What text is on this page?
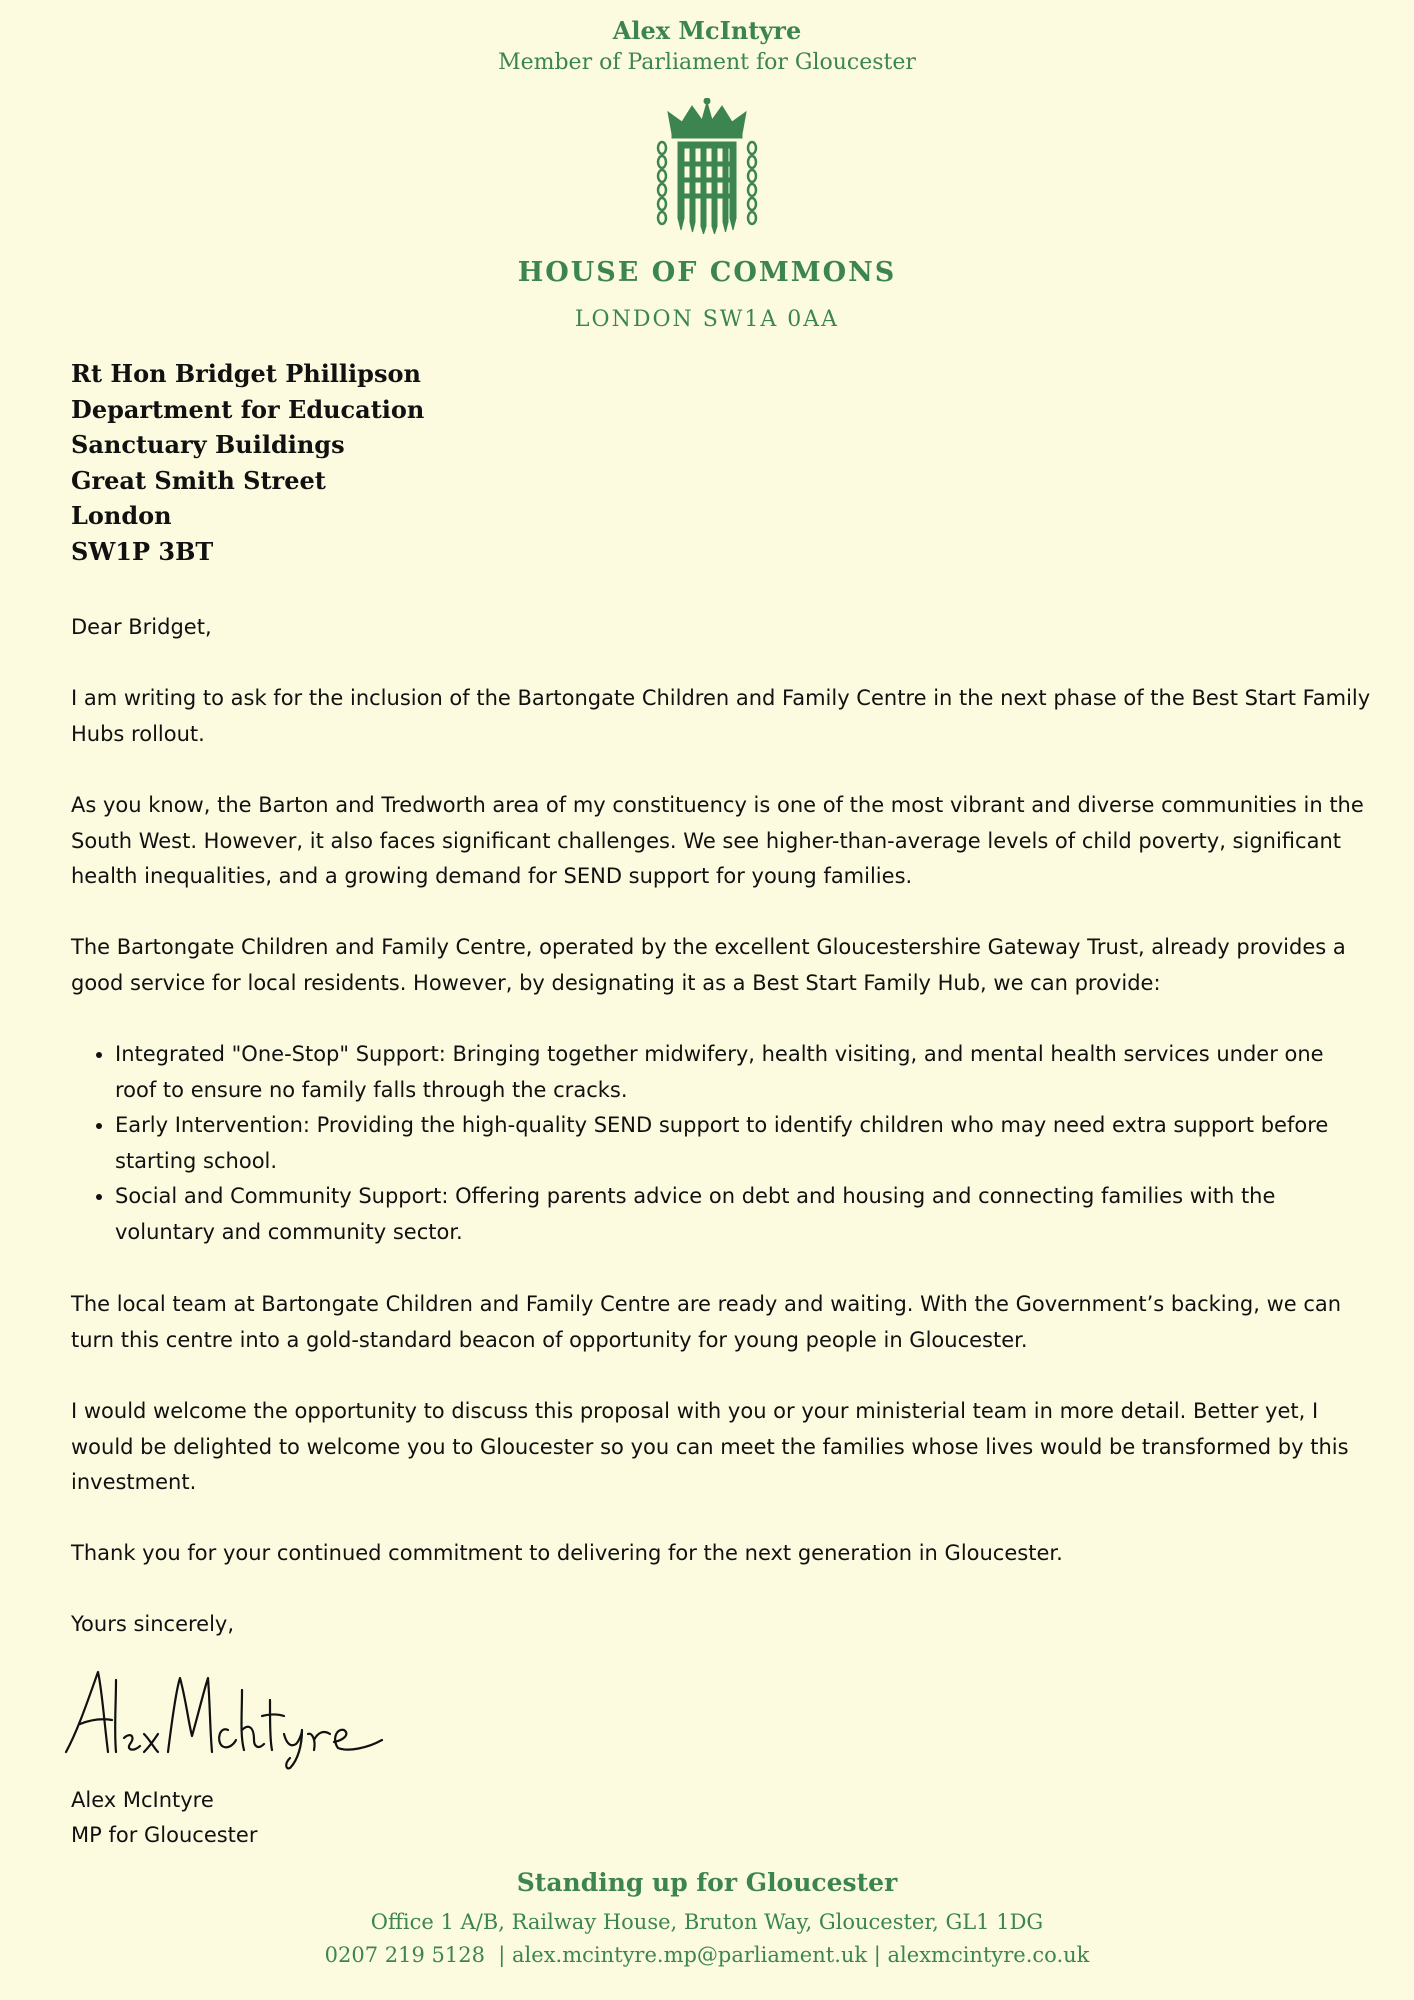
Alex McIntyre
Member of Parliament for Gloucester
HOUSE OF COMMONS
LONDON SW1A 0AA
Rt Hon Bridget Phillipson
Department for Education
Sanctuary Buildings
Great Smith Street
London
SW1P 3BT
Dear Bridget,

I am writing to ask for the inclusion of the Bartongate Children and Family Centre in the next phase of the Best Start Family Hubs rollout.

As you know, the Barton and Tredworth area of my constituency is one of the most vibrant and diverse communities in the South West. However, it also faces significant challenges. We see higher-than-average levels of child poverty, significant health inequalities, and a growing demand for SEND support for young families.

The Bartongate Children and Family Centre, operated by the excellent Gloucestershire Gateway Trust, already provides a good service for local residents. However, by designating it as a Best Start Family Hub, we can provide:

• Integrated "One-Stop" Support: Bringing together midwifery, health visiting, and mental health services under one roof to ensure no family falls through the cracks.
• Early Intervention: Providing the high-quality SEND support to identify children who may need extra support before starting school.
• Social and Community Support: Offering parents advice on debt and housing and connecting families with the voluntary and community sector.

The local team at Bartongate Children and Family Centre are ready and waiting. With the Government’s backing, we can turn this centre into a gold-standard beacon of opportunity for young people in Gloucester.

I would welcome the opportunity to discuss this proposal with you or your ministerial team in more detail. Better yet, I would be delighted to welcome you to Gloucester so you can meet the families whose lives would be transformed by this investment.

Thank you for your continued commitment to delivering for the next generation in Gloucester.
Yours sincerely,
Alex McIntyre
MP for Gloucester
Standing up for Gloucester
Office 1 A/B, Railway House, Bruton Way, Gloucester, GL1 1DG
0207 219 5128  | alex.mcintyre.mp@parliament.uk | alexmcintyre.co.uk
